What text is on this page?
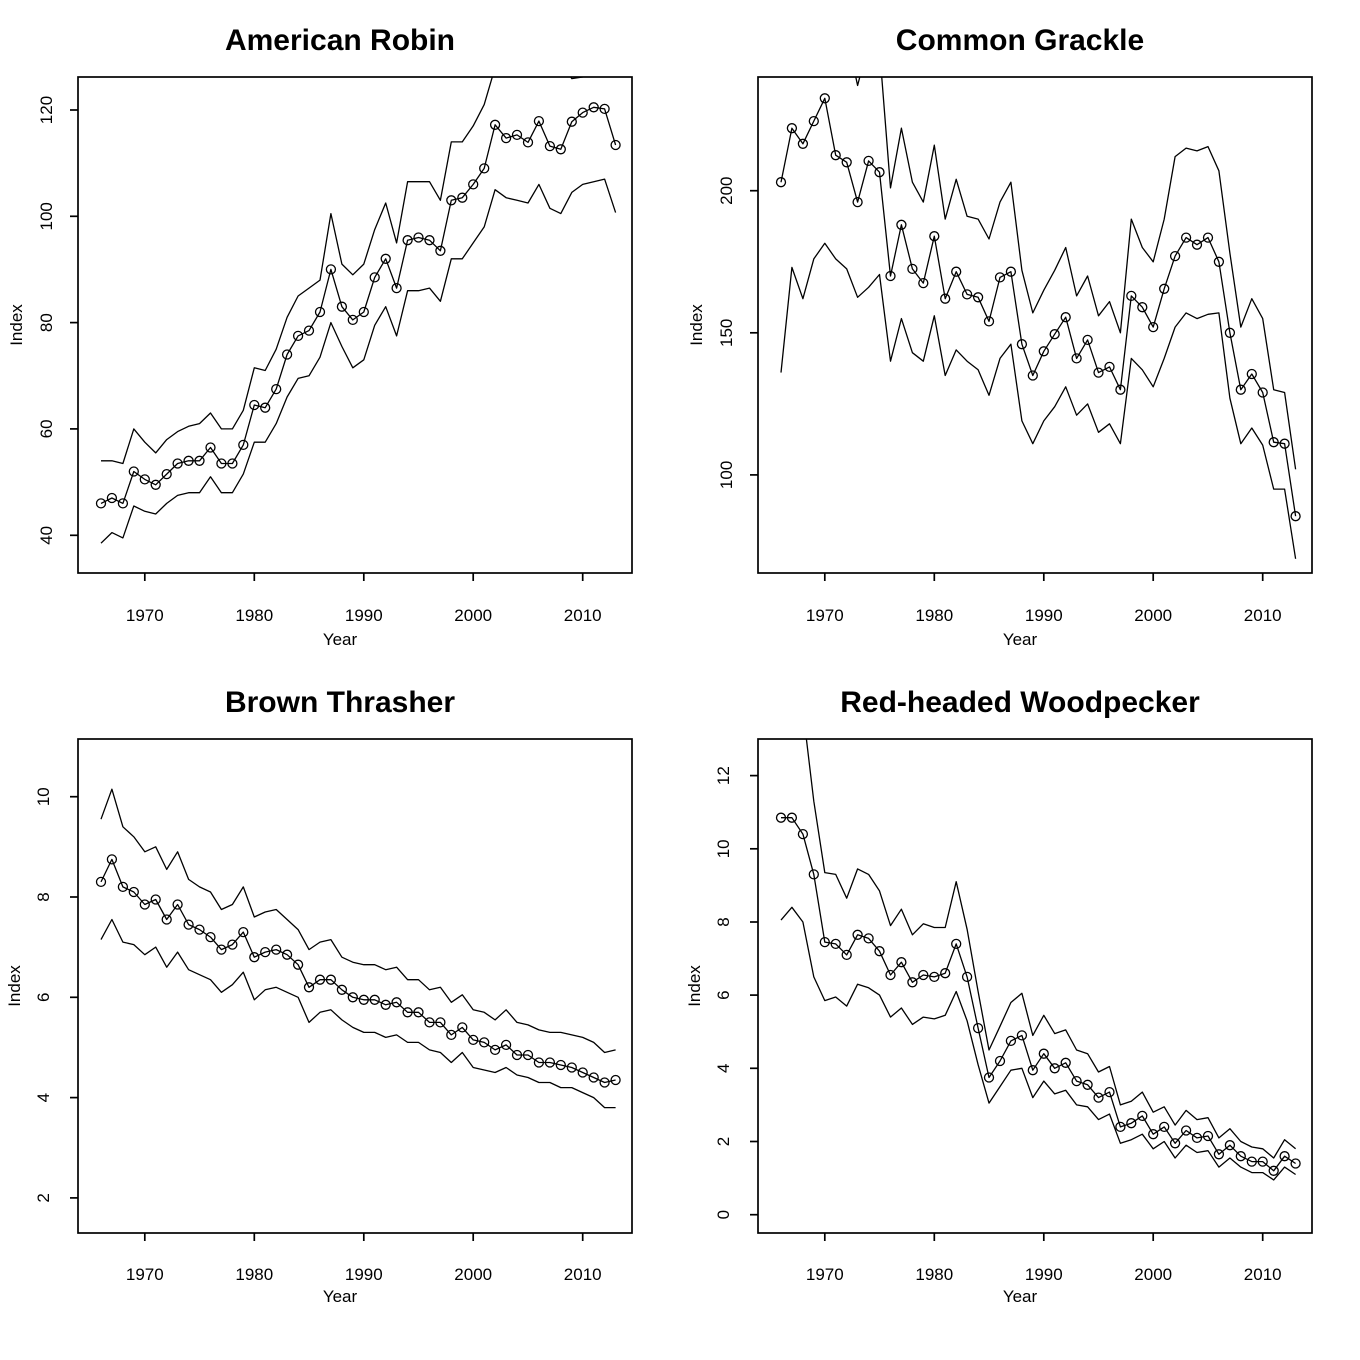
American Robin
Index
1970	1980	1990	2000	2010
40
60
80
100
120
Year
Common Grackle
Index
1970	1980	1990	2000	2010
100
150
200
Year
Brown Thrasher
Index
1970	1980	1990	2000	2010
2
4
6
8
10
Year
Red-headed Woodpecker
Index
1970	1980	1990	2000	2010
0
2
4
6
8
10
12
Year
